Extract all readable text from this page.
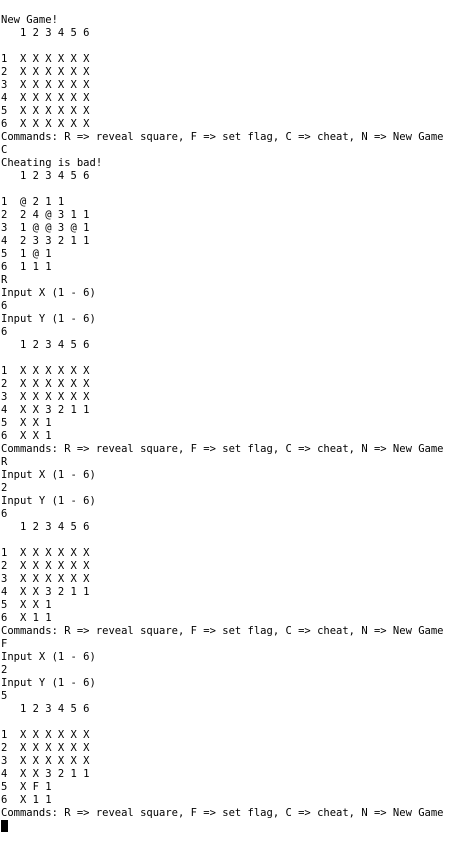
New Game!
1 2 3 4 5 6
1  X X X X X X
2  X X X X X X
3  X X X X X X
4  X X X X X X
5  X X X X X X
6  X X X X X X
Commands: R => reveal square, F => set flag, C => cheat, N => New Game
C
Cheating is bad!
1 2 3 4 5 6
1  @ 2 1 1
2  2 4 @ 3 1 1
3  1 @ @ 3 @ 1
4  2 3 3 2 1 1
5  1 @ 1
6  1 1 1
R
Input X (1 - 6)
6
Input Y (1 - 6)
6
1 2 3 4 5 6
1  X X X X X X
2  X X X X X X
3  X X X X X X
4  X X 3 2 1 1
5  X X 1
6  X X 1
Commands: R => reveal square, F => set flag, C => cheat, N => New Game
R
Input X (1 - 6)
2
Input Y (1 - 6)
6
1 2 3 4 5 6
1  X X X X X X
2  X X X X X X
3  X X X X X X
4  X X 3 2 1 1
5  X X 1
6  X 1 1
Commands: R => reveal square, F => set flag, C => cheat, N => New Game
F
Input X (1 - 6)
2
Input Y (1 - 6)
5
1 2 3 4 5 6
1  X X X X X X
2  X X X X X X
3  X X X X X X
4  X X 3 2 1 1
5  X F 1
6  X 1 1
Commands: R => reveal square, F => set flag, C => cheat, N => New Game
